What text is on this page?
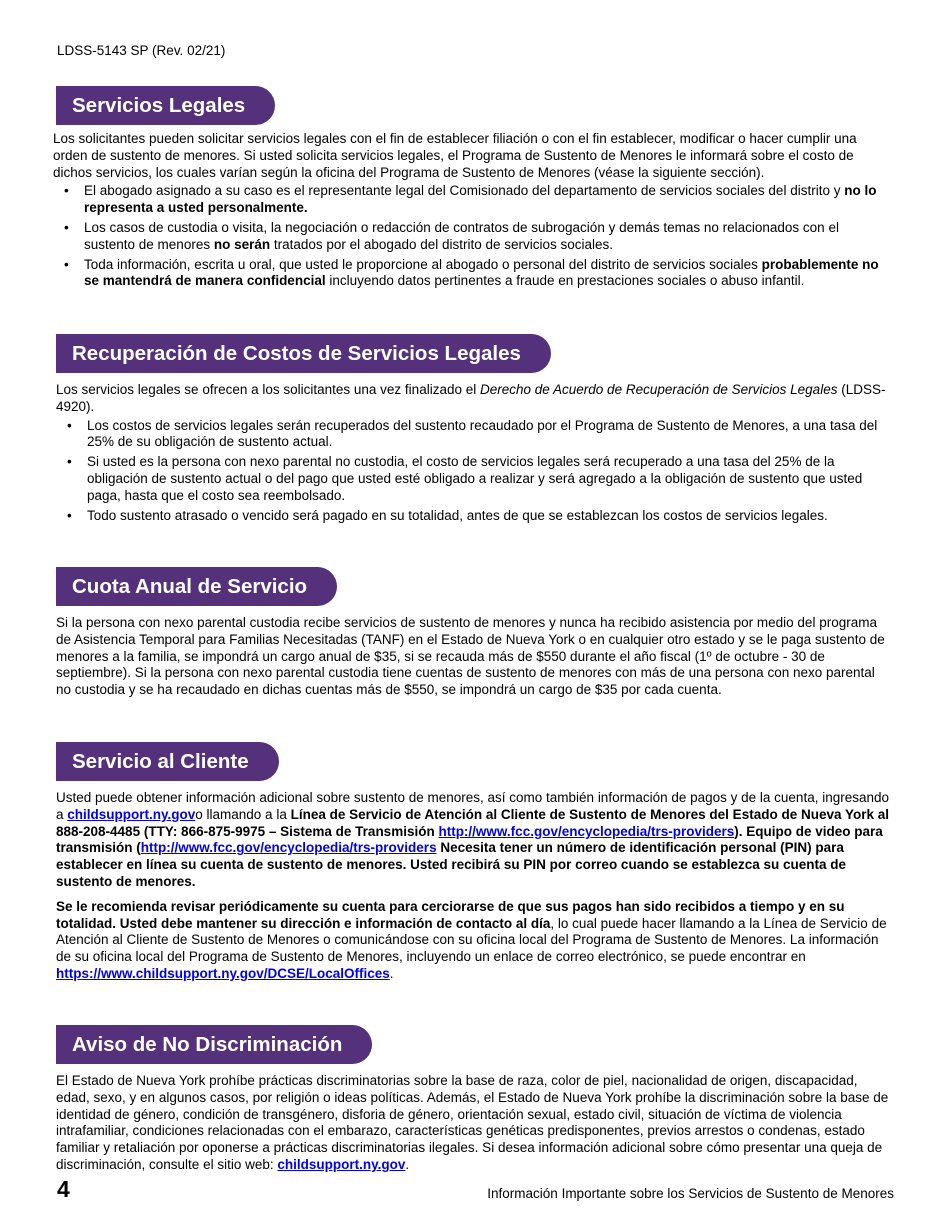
LDSS-5143 SP (Rev. 02/21)
Servicios Legales

Los solicitantes pueden solicitar servicios legales con el fin de establecer filiación o con el fin establecer, modificar o hacer cumplir una orden de sustento de menores. Si usted solicita servicios legales, el Programa de Sustento de Menores le informará sobre el costo de dichos servicios, los cuales varían según la oficina del Programa de Sustento de Menores (véase la siguiente sección).

• El abogado asignado a su caso es el representante legal del Comisionado del departamento de servicios sociales del distrito y no lo representa a usted personalmente.
• Los casos de custodia o visita, la negociación o redacción de contratos de subrogación y demás temas no relacionados con el sustento de menores no serán tratados por el abogado del distrito de servicios sociales.
• Toda información, escrita u oral, que usted le proporcione al abogado o personal del distrito de servicios sociales probablemente no se mantendrá de manera confidencial incluyendo datos pertinentes a fraude en prestaciones sociales o abuso infantil.
Recuperación de Costos de Servicios Legales

Los servicios legales se ofrecen a los solicitantes una vez finalizado el Derecho de Acuerdo de Recuperación de Servicios Legales (LDSS-4920).

• Los costos de servicios legales serán recuperados del sustento recaudado por el Programa de Sustento de Menores, a una tasa del 25% de su obligación de sustento actual.
• Si usted es la persona con nexo parental no custodia, el costo de servicios legales será recuperado a una tasa del 25% de la obligación de sustento actual o del pago que usted esté obligado a realizar y será agregado a la obligación de sustento que usted paga, hasta que el costo sea reembolsado.
• Todo sustento atrasado o vencido será pagado en su totalidad, antes de que se establezcan los costos de servicios legales.
Cuota Anual de Servicio

Si la persona con nexo parental custodia recibe servicios de sustento de menores y nunca ha recibido asistencia por medio del programa de Asistencia Temporal para Familias Necesitadas (TANF) en el Estado de Nueva York o en cualquier otro estado y se le paga sustento de menores a la familia, se impondrá un cargo anual de $35, si se recauda más de $550 durante el año fiscal (1º de octubre - 30 de septiembre). Si la persona con nexo parental custodia tiene cuentas de sustento de menores con más de una persona con nexo parental no custodia y se ha recaudado en dichas cuentas más de $550, se impondrá un cargo de $35 por cada cuenta.

Servicio al Cliente

Usted puede obtener información adicional sobre sustento de menores, así como también información de pagos y de la cuenta, ingresando a childsupport.ny.govo llamando a la Línea de Servicio de Atención al Cliente de Sustento de Menores del Estado de Nueva York al 888-208-4485 (TTY: 866-875-9975 – Sistema de Transmisión http://www.fcc.gov/encyclopedia/trs-providers). Equipo de video para transmisión (http://www.fcc.gov/encyclopedia/trs-providers Necesita tener un número de identificación personal (PIN) para establecer en línea su cuenta de sustento de menores. Usted recibirá su PIN por correo cuando se establezca su cuenta de sustento de menores.

Se le recomienda revisar periódicamente su cuenta para cerciorarse de que sus pagos han sido recibidos a tiempo y en su totalidad. Usted debe mantener su dirección e información de contacto al día, lo cual puede hacer llamando a la Línea de Servicio de Atención al Cliente de Sustento de Menores o comunicándose con su oficina local del Programa de Sustento de Menores. La información de su oficina local del Programa de Sustento de Menores, incluyendo un enlace de correo electrónico, se puede encontrar en https://www.childsupport.ny.gov/DCSE/LocalOffices.

Aviso de No Discriminación

El Estado de Nueva York prohíbe prácticas discriminatorias sobre la base de raza, color de piel, nacionalidad de origen, discapacidad, edad, sexo, y en algunos casos, por religión o ideas políticas. Además, el Estado de Nueva York prohíbe la discriminación sobre la base de identidad de género, condición de transgénero, disforia de género, orientación sexual, estado civil, situación de víctima de violencia intrafamiliar, condiciones relacionadas con el embarazo, características genéticas predisponentes, previos arrestos o condenas, estado familiar y retaliación por oponerse a prácticas discriminatorias ilegales. Si desea información adicional sobre cómo presentar una queja de discriminación, consulte el sitio web: childsupport.ny.gov.

4	Información Importante sobre los Servicios de Sustento de Menores
